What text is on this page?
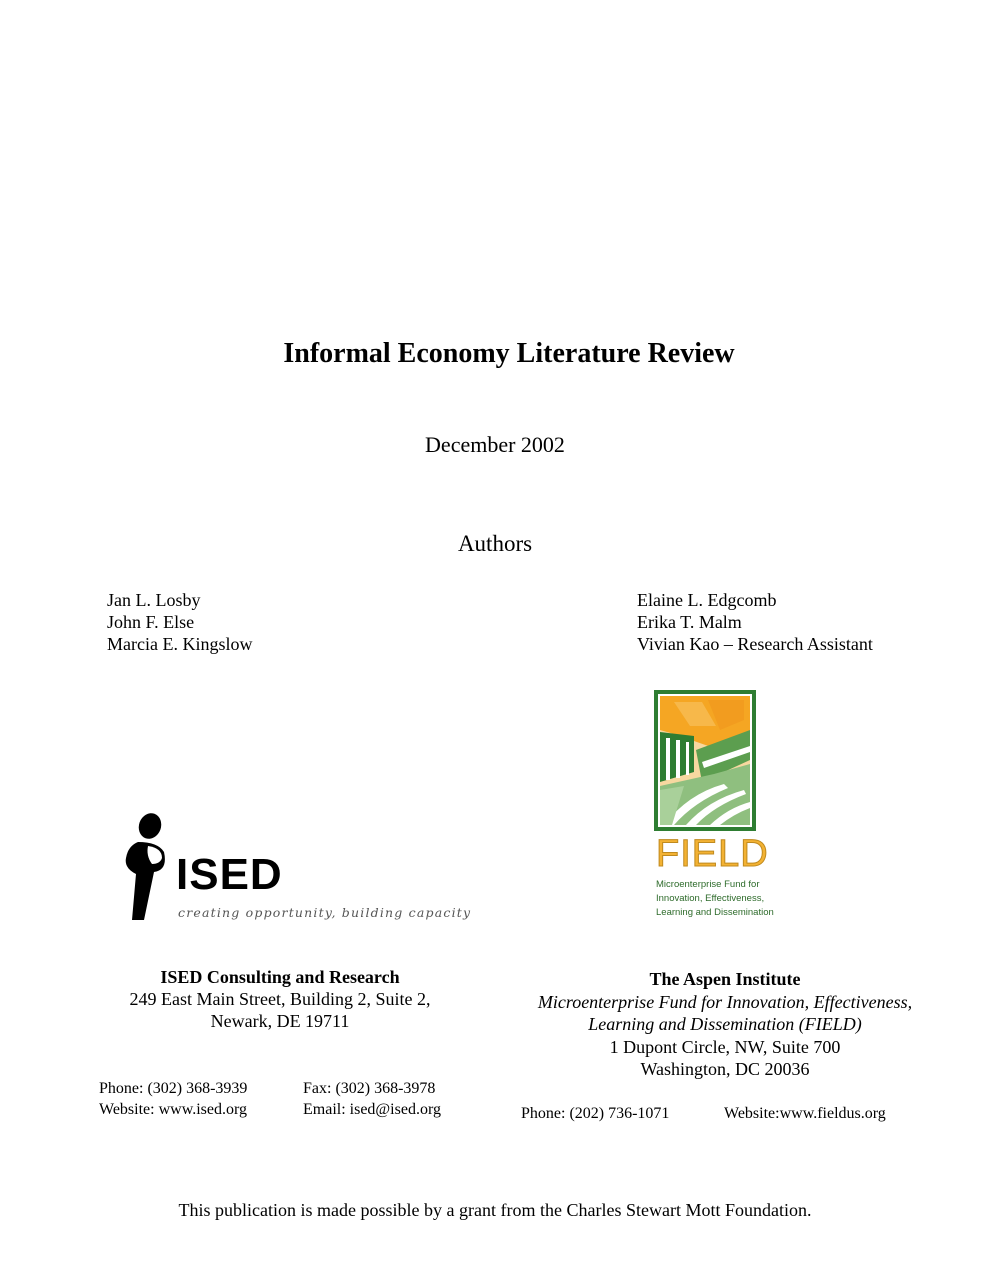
Informal Economy Literature Review
December 2002
Authors
Jan L. Losby
John F. Else
Marcia E. Kingslow
Elaine L. Edgcomb
Erika T. Malm
Vivian Kao – Research Assistant
FIELD
Microenterprise Fund for
Innovation, Effectiveness,
Learning and Dissemination
ISED
creating opportunity, building capacity
ISED Consulting and Research
249 East Main Street, Building 2, Suite 2,
Newark, DE 19711
Phone: (302) 368-3939	Fax: (302) 368-3978
Website: www.ised.org	Email: ised@ised.org
The Aspen Institute
Microenterprise Fund for Innovation, Effectiveness,
Learning and Dissemination (FIELD)
1 Dupont Circle, NW, Suite 700
Washington, DC 20036
Phone: (202) 736-1071	Website:www.fieldus.org
This publication is made possible by a grant from the Charles Stewart Mott Foundation.
